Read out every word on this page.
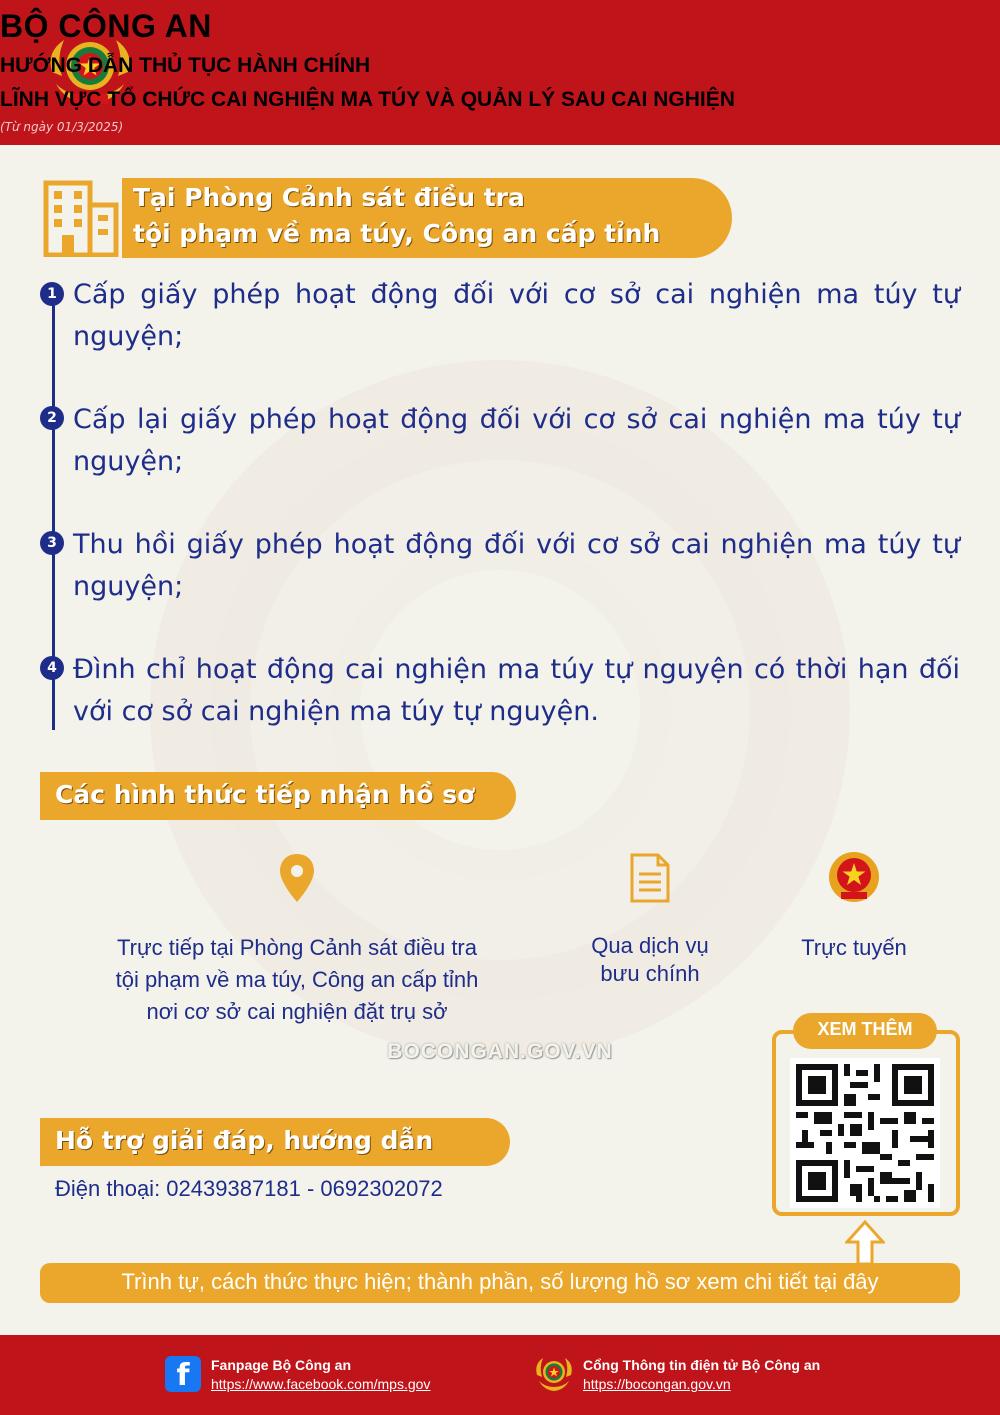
BỘ CÔNG AN
HƯỚNG DẪN THỦ TỤC HÀNH CHÍNH
LĨNH VỰC TỔ CHỨC CAI NGHIỆN MA TÚY VÀ QUẢN LÝ SAU CAI NGHIỆN
(Từ ngày 01/3/2025)
Tại Phòng Cảnh sát điều tra
tội phạm về ma túy, Công an cấp tỉnh
1 Cấp giấy phép hoạt động đối với cơ sở cai nghiện ma túy tự nguyện;
2 Cấp lại giấy phép hoạt động đối với cơ sở cai nghiện ma túy tự nguyện;
3 Thu hồi giấy phép hoạt động đối với cơ sở cai nghiện ma túy tự nguyện;
4 Đình chỉ hoạt động cai nghiện ma túy tự nguyện có thời hạn đối với cơ sở cai nghiện ma túy tự nguyện.
Các hình thức tiếp nhận hồ sơ
Trực tiếp tại Phòng Cảnh sát điều tra
tội phạm về ma túy, Công an cấp tỉnh
nơi cơ sở cai nghiện đặt trụ sở
Qua dịch vụ
bưu chính
Trực tuyến
BOCONGAN.GOV.VN
XEM THÊM
Hỗ trợ giải đáp, hướng dẫn
Điện thoại: 02439387181 - 0692302072
Trình tự, cách thức thực hiện; thành phần, số lượng hồ sơ xem chi tiết tại đây
f	Fanpage Bộ Công an
https://www.facebook.com/mps.gov
Cổng Thông tin điện tử Bộ Công an
https://bocongan.gov.vn
